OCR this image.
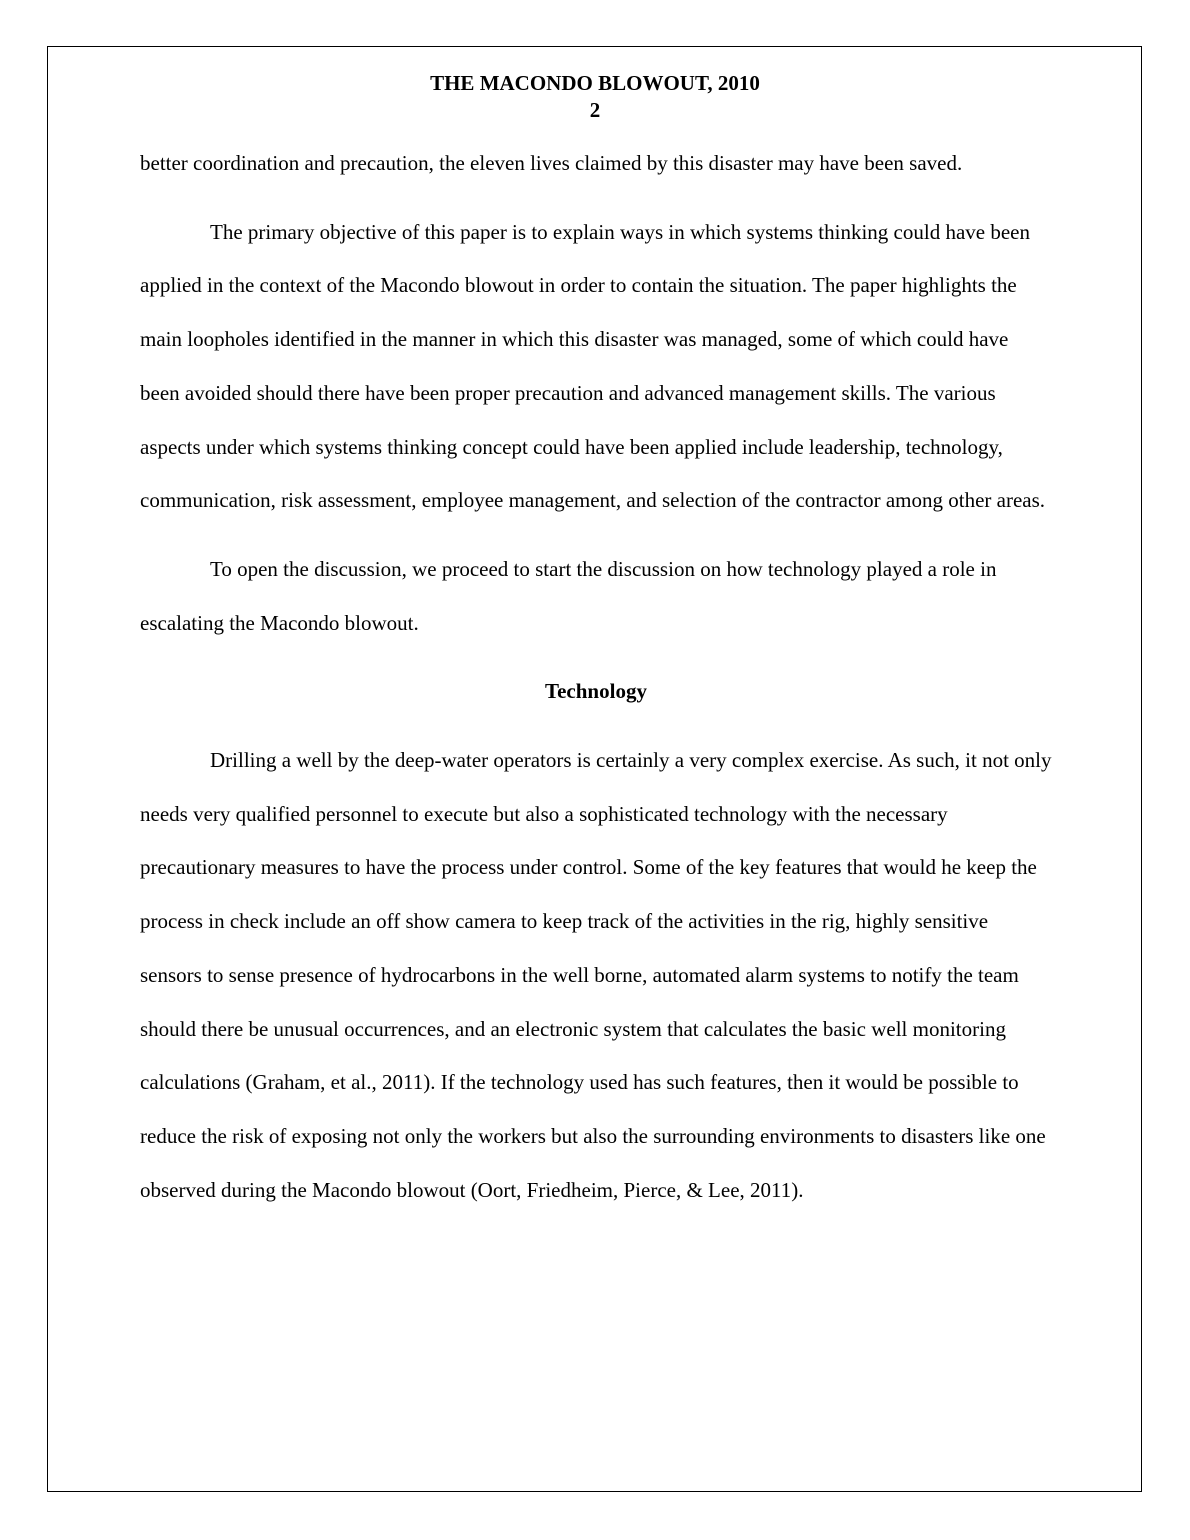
THE MACONDO BLOWOUT, 2010
2

better coordination and precaution, the eleven lives claimed by this disaster may have been saved.

The primary objective of this paper is to explain ways in which systems thinking could have been applied in the context of the Macondo blowout in order to contain the situation. The paper highlights the main loopholes identified in the manner in which this disaster was managed, some of which could have been avoided should there have been proper precaution and advanced management skills. The various aspects under which systems thinking concept could have been applied include leadership, technology, communication, risk assessment, employee management, and selection of the contractor among other areas.

To open the discussion, we proceed to start the discussion on how technology played a role in escalating the Macondo blowout.

Technology

Drilling a well by the deep-water operators is certainly a very complex exercise. As such, it not only needs very qualified personnel to execute but also a sophisticated technology with the necessary precautionary measures to have the process under control. Some of the key features that would he keep the process in check include an off show camera to keep track of the activities in the rig, highly sensitive sensors to sense presence of hydrocarbons in the well borne, automated alarm systems to notify the team should there be unusual occurrences, and an electronic system that calculates the basic well monitoring calculations (Graham, et al., 2011). If the technology used has such features, then it would be possible to reduce the risk of exposing not only the workers but also the surrounding environments to disasters like one observed during the Macondo blowout (Oort, Friedheim, Pierce, & Lee, 2011).
